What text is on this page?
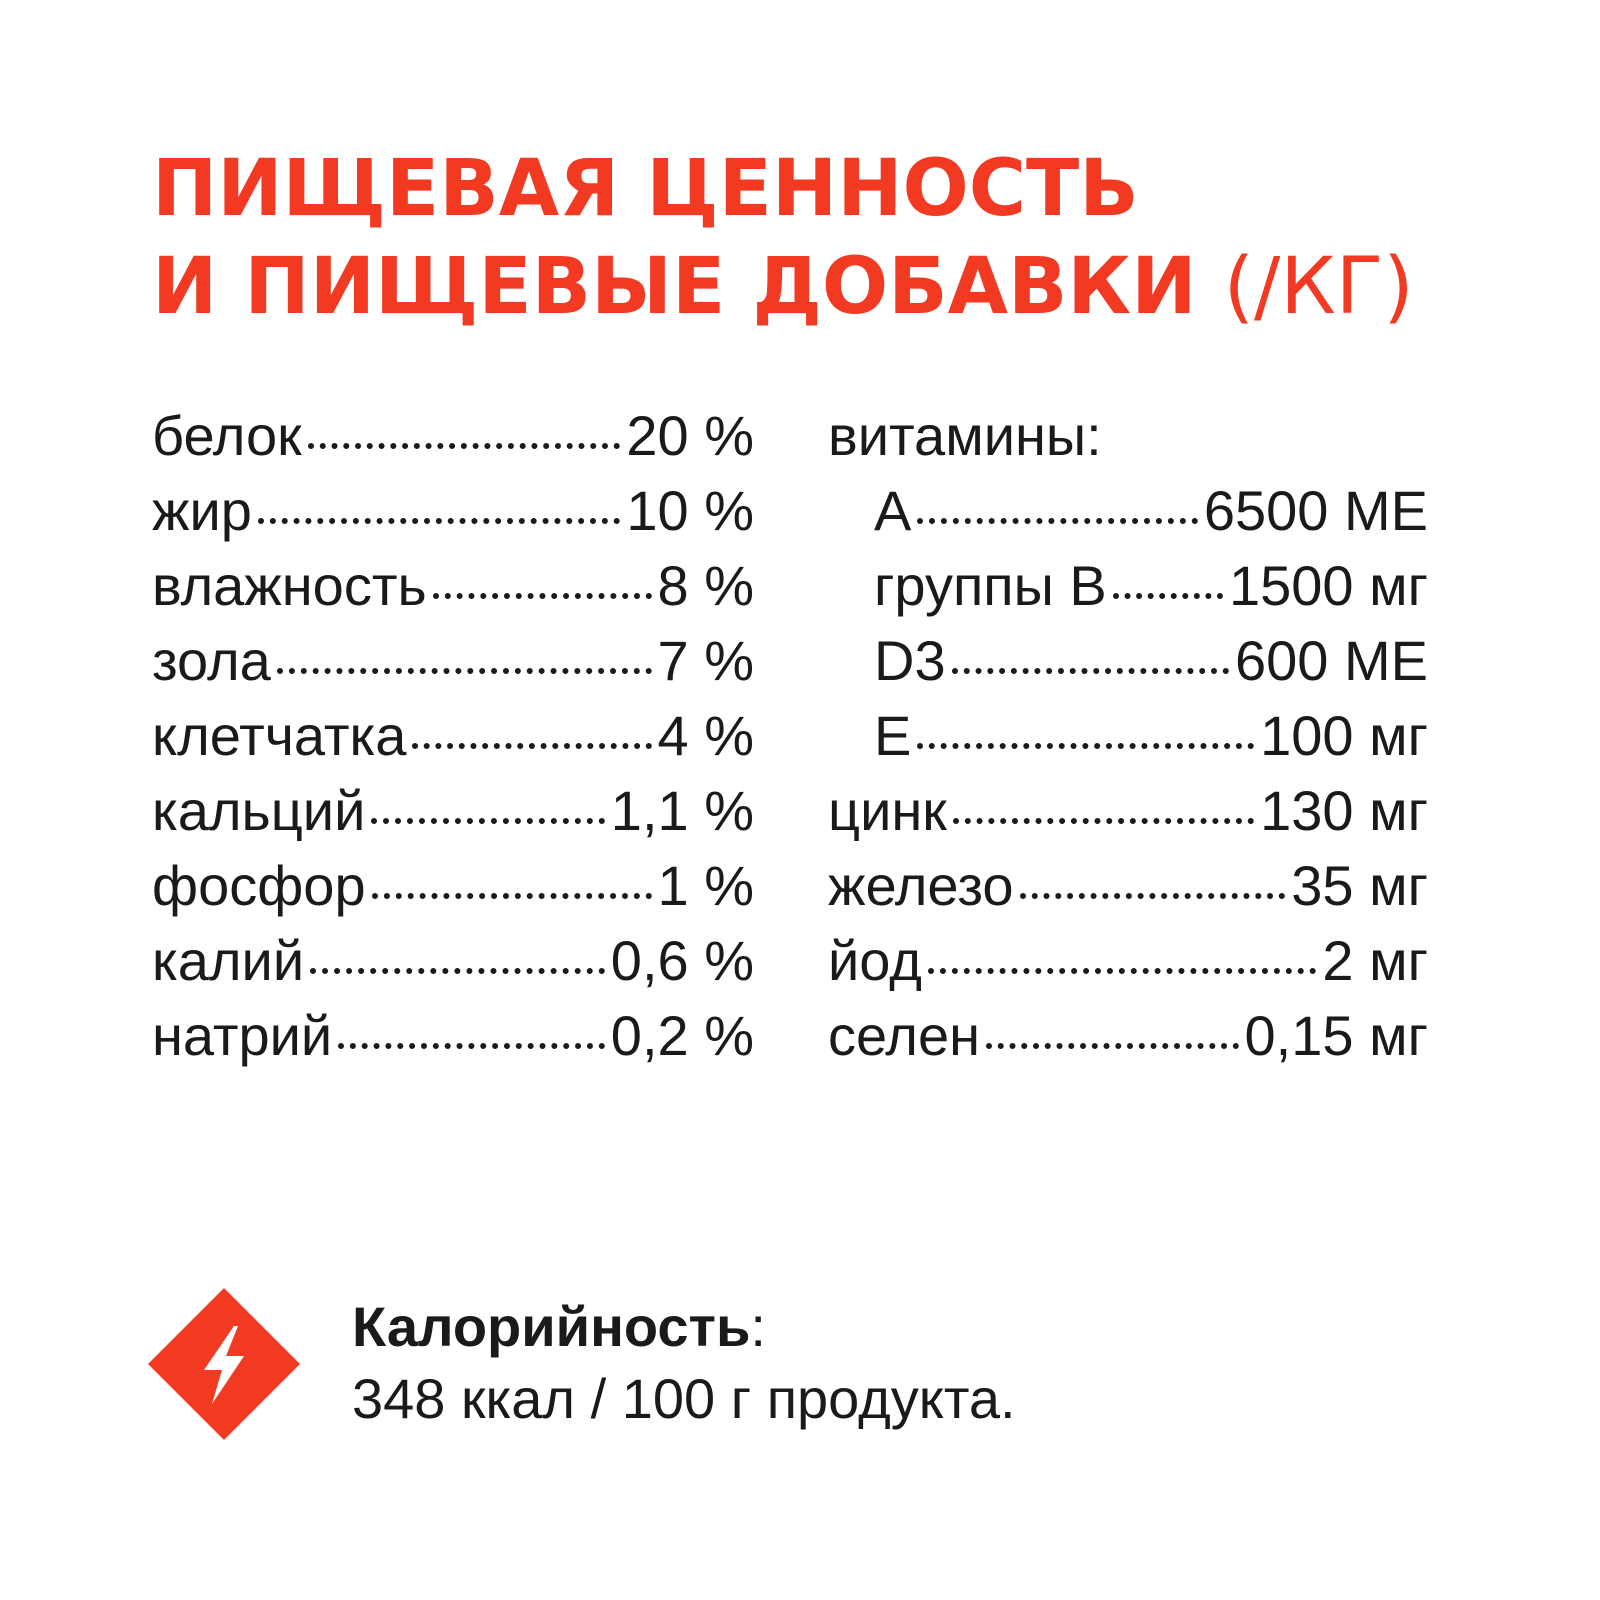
ПИЩЕВАЯ ЦЕННОСТЬ
И ПИЩЕВЫЕ ДОБАВКИ (/КГ)
белок	20 %
жир	10 %
влажность	8 %
зола	7 %
клетчатка	4 %
кальций	1,1 %
фосфор	1 %
калий	0,6 %
натрий	0,2 %
витамины:
А	6500 МЕ
группы В 1500 мг
D3	600 МЕ
Е	100 мг
цинк	130 мг
железо	35 мг
йод	2 мг
селен	0,15 мг
Калорийность:
348 ккал / 100 г продукта.
